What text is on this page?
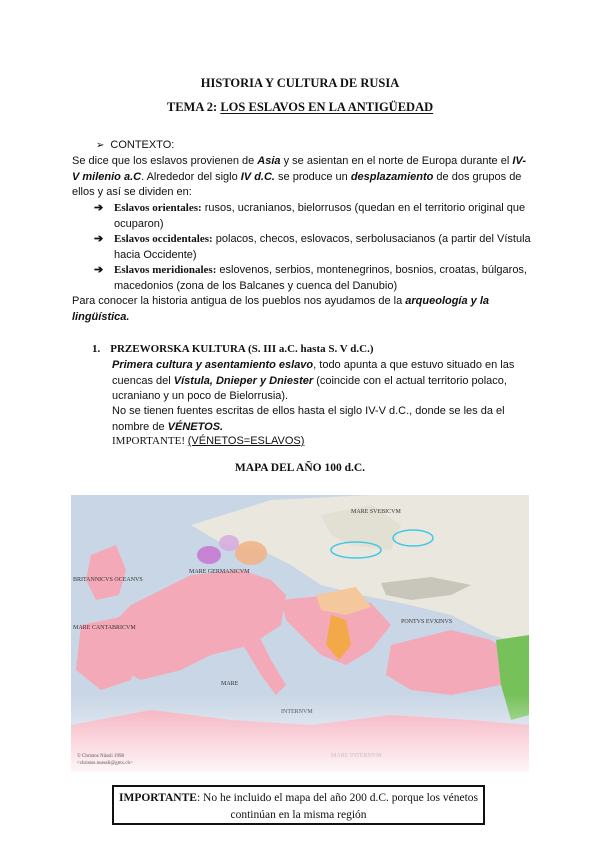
HISTORIA Y CULTURA DE RUSIA
TEMA 2: LOS ESLAVOS EN LA ANTIGÜEDAD
➢ CONTEXTO:
Se dice que los eslavos provienen de Asia y se asientan en el norte de Europa durante el IV-V milenio a.C. Alrededor del siglo IV d.C. se produce un desplazamiento de dos grupos de ellos y así se dividen en:
➔ Eslavos orientales: rusos, ucranianos, bielorrusos (quedan en el territorio original que ocuparon)
➔ Eslavos occidentales: polacos, checos, eslovacos, serbolusacianos (a partir del Vístula hacia Occidente)
➔ Eslavos meridionales: eslovenos, serbios, montenegrinos, bosnios, croatas, búlgaros, macedonios (zona de los Balcanes y cuenca del Danubio)
Para conocer la historia antigua de los pueblos nos ayudamos de la arqueología y la lingüística.
1. PRZEWORSKA KULTURA (S. III a.C. hasta S. V d.C.)
Primera cultura y asentamiento eslavo, todo apunta a que estuvo situado en las cuencas del Vístula, Dnieper y Dniester (coincide con el actual territorio polaco, ucraniano y un poco de Bielorrusia).
No se tienen fuentes escritas de ellos hasta el siglo IV-V d.C., donde se les da el nombre de VÉNETOS.
IMPORTANTE! (VÉNETOS=ESLAVOS)
MAPA DEL AÑO 100 d.C.
MARE GERMANICVM
MARE SVEBICVM
BRITANNICVS OCEANVS
MARE CANTABRICVM
PONTVS EVXINVS
MARE
© Christos Nüssli 1998
<christos.nuessli@gmx.ch>
IMPORTANTE: No he incluido el mapa del año 200 d.C. porque los vénetos continúan en la misma región
